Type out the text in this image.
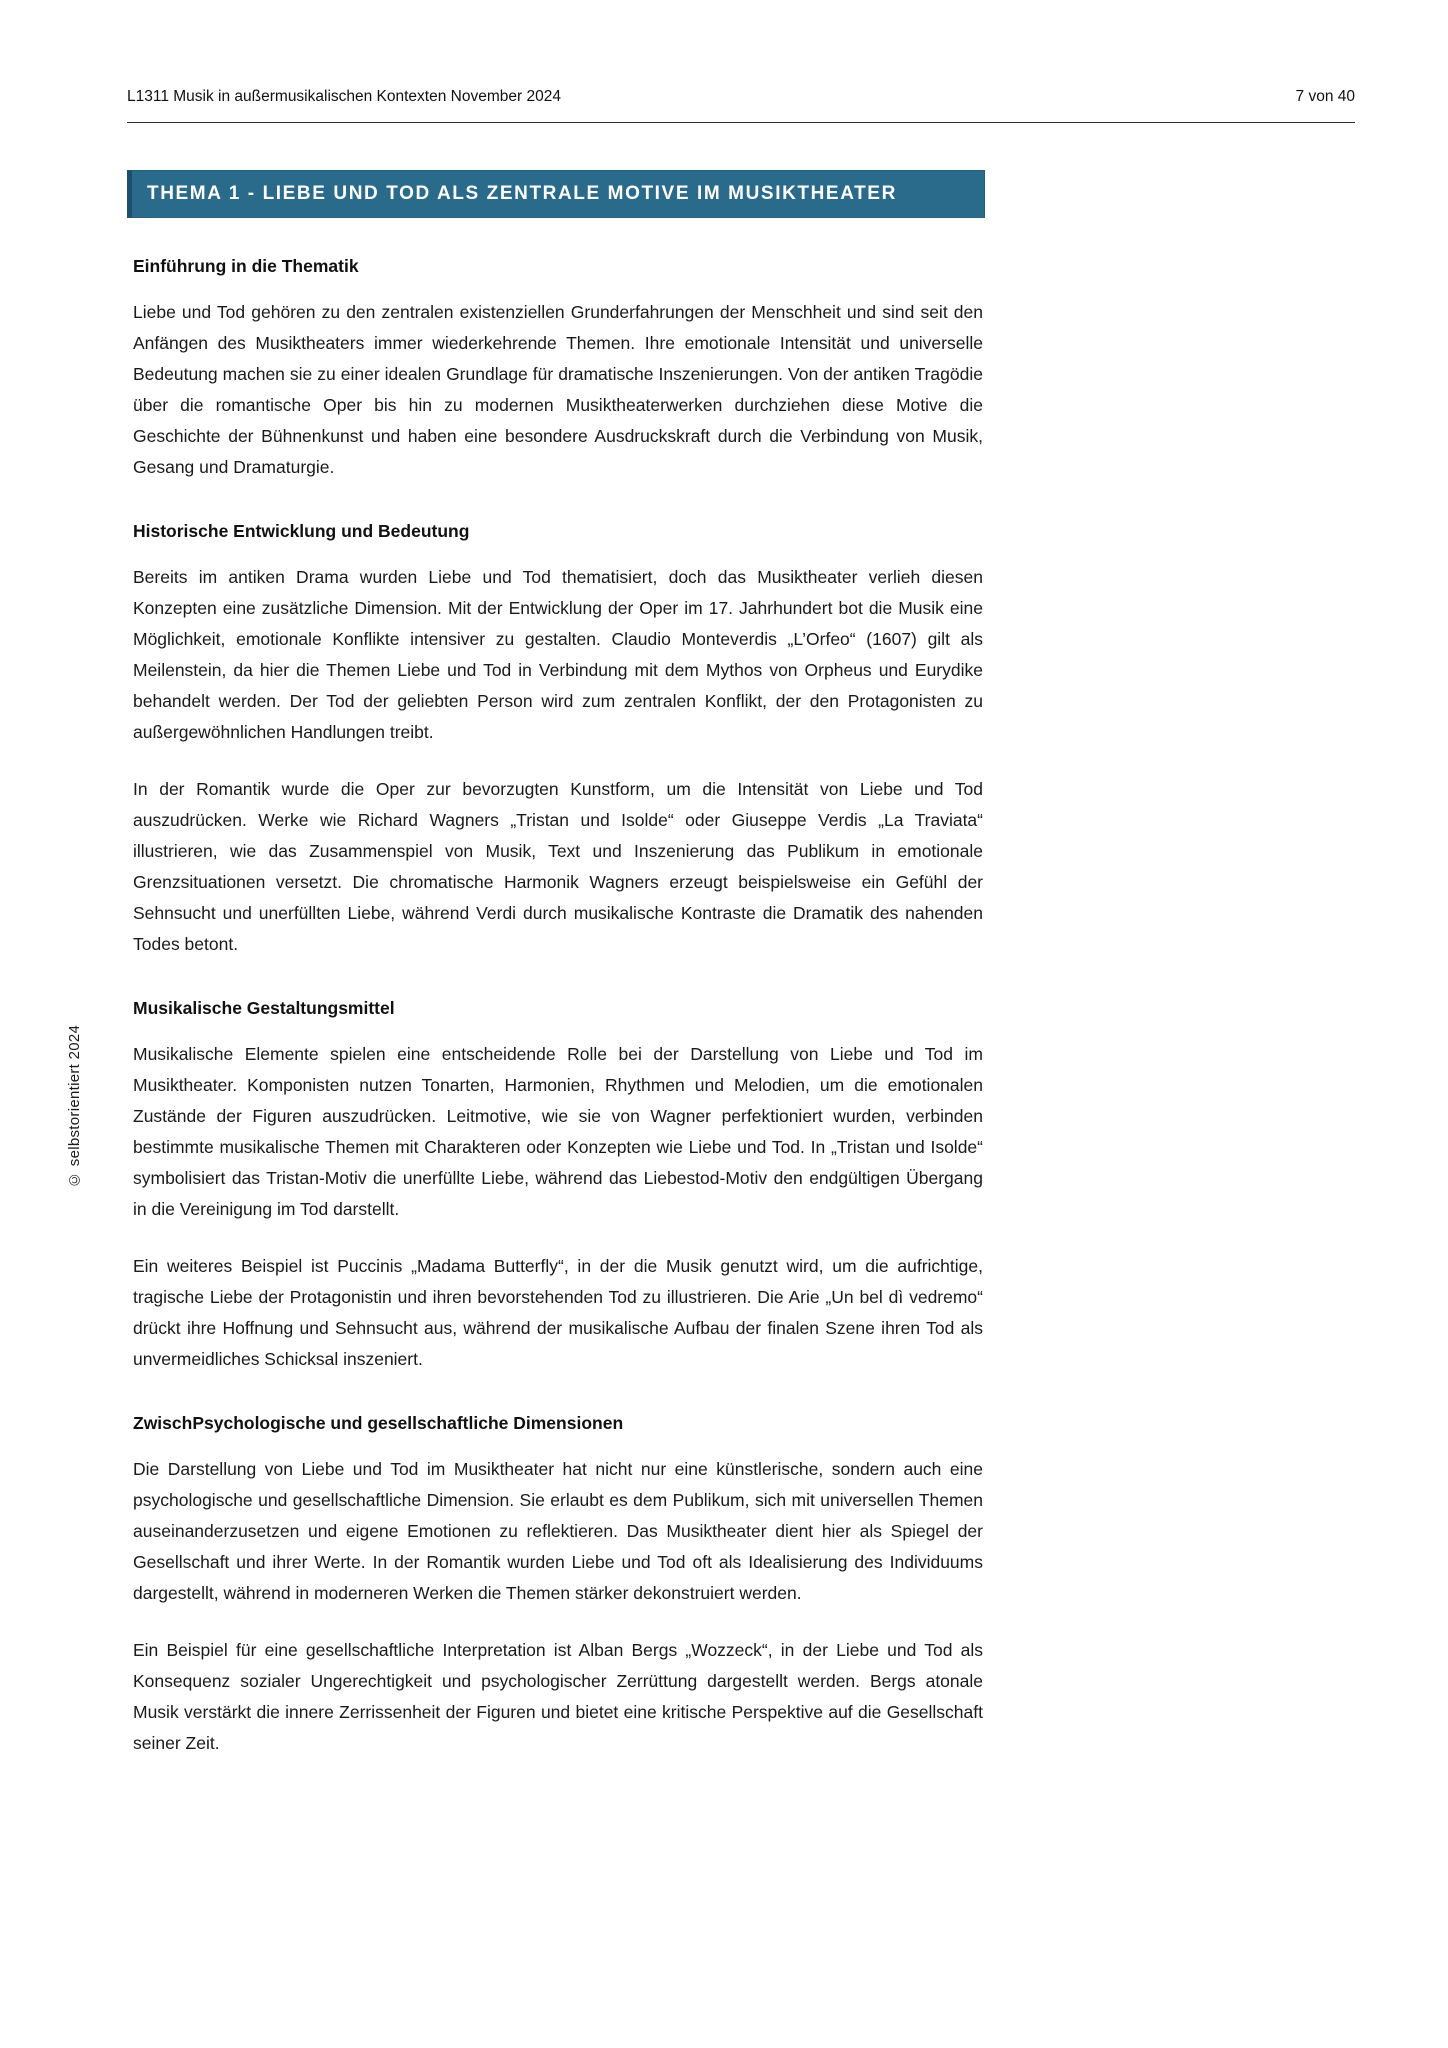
L1311 Musik in außermusikalischen Kontexten November 2024	7 von 40
THEMA 1 - LIEBE UND TOD ALS ZENTRALE MOTIVE IM MUSIKTHEATER
Einführung in die Thematik

Liebe und Tod gehören zu den zentralen existenziellen Grunderfahrungen der Menschheit und sind seit den Anfängen des Musiktheaters immer wiederkehrende Themen. Ihre emotionale Intensität und universelle Bedeutung machen sie zu einer idealen Grundlage für dramatische Inszenierungen. Von der antiken Tragödie über die romantische Oper bis hin zu modernen Musiktheaterwerken durchziehen diese Motive die Geschichte der Bühnenkunst und haben eine besondere Ausdruckskraft durch die Verbindung von Musik, Gesang und Dramaturgie.

Historische Entwicklung und Bedeutung

Bereits im antiken Drama wurden Liebe und Tod thematisiert, doch das Musiktheater verlieh diesen Konzepten eine zusätzliche Dimension. Mit der Entwicklung der Oper im 17. Jahrhundert bot die Musik eine Möglichkeit, emotionale Konflikte intensiver zu gestalten. Claudio Monteverdis „L’Orfeo“ (1607) gilt als Meilenstein, da hier die Themen Liebe und Tod in Verbindung mit dem Mythos von Orpheus und Eurydike behandelt werden. Der Tod der geliebten Person wird zum zentralen Konflikt, der den Protagonisten zu außergewöhnlichen Handlungen treibt.

In der Romantik wurde die Oper zur bevorzugten Kunstform, um die Intensität von Liebe und Tod auszudrücken. Werke wie Richard Wagners „Tristan und Isolde“ oder Giuseppe Verdis „La Traviata“ illustrieren, wie das Zusammenspiel von Musik, Text und Inszenierung das Publikum in emotionale Grenzsituationen versetzt. Die chromatische Harmonik Wagners erzeugt beispielsweise ein Gefühl der Sehnsucht und unerfüllten Liebe, während Verdi durch musikalische Kontraste die Dramatik des nahenden Todes betont.

Musikalische Gestaltungsmittel

Musikalische Elemente spielen eine entscheidende Rolle bei der Darstellung von Liebe und Tod im Musiktheater. Komponisten nutzen Tonarten, Harmonien, Rhythmen und Melodien, um die emotionalen Zustände der Figuren auszudrücken. Leitmotive, wie sie von Wagner perfektioniert wurden, verbinden bestimmte musikalische Themen mit Charakteren oder Konzepten wie Liebe und Tod. In „Tristan und Isolde“ symbolisiert das Tristan-Motiv die unerfüllte Liebe, während das Liebestod-Motiv den endgültigen Übergang in die Vereinigung im Tod darstellt.

Ein weiteres Beispiel ist Puccinis „Madama Butterfly“, in der die Musik genutzt wird, um die aufrichtige, tragische Liebe der Protagonistin und ihren bevorstehenden Tod zu illustrieren. Die Arie „Un bel dì vedremo“ drückt ihre Hoffnung und Sehnsucht aus, während der musikalische Aufbau der finalen Szene ihren Tod als unvermeidliches Schicksal inszeniert.

ZwischPsychologische und gesellschaftliche Dimensionen

Die Darstellung von Liebe und Tod im Musiktheater hat nicht nur eine künstlerische, sondern auch eine psychologische und gesellschaftliche Dimension. Sie erlaubt es dem Publikum, sich mit universellen Themen auseinanderzusetzen und eigene Emotionen zu reflektieren. Das Musiktheater dient hier als Spiegel der Gesellschaft und ihrer Werte. In der Romantik wurden Liebe und Tod oft als Idealisierung des Individuums dargestellt, während in moderneren Werken die Themen stärker dekonstruiert werden.

Ein Beispiel für eine gesellschaftliche Interpretation ist Alban Bergs „Wozzeck“, in der Liebe und Tod als Konsequenz sozialer Ungerechtigkeit und psychologischer Zerrüttung dargestellt werden. Bergs atonale Musik verstärkt die innere Zerrissenheit der Figuren und bietet eine kritische Perspektive auf die Gesellschaft seiner Zeit.

© selbstorientiert 2024
